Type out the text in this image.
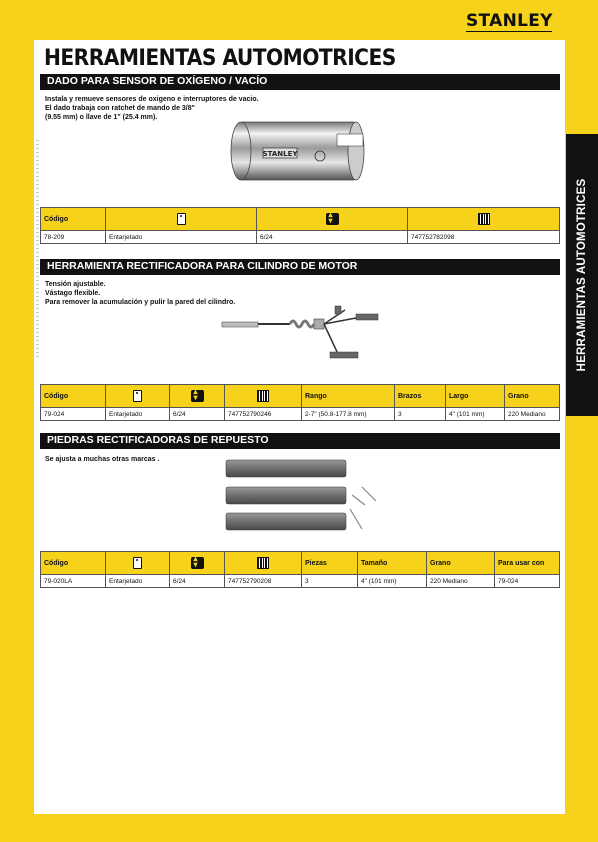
STANLEY
HERRAMIENTAS AUTOMOTRICES
HERRAMIENTAS AUTOMOTRICES
DADO PARA SENSOR DE OXÍGENO / VACÍO
Instala y remueve sensores de oxigeno e interruptores de vacio.
El dado trabaja con ratchet de mando de 3/8"
(9.55 mm) o llave de 1" (25.4 mm).
STANLEY
Código		▴ ▾	
78-209	Entarjetado	6/24	747752782098
HERRAMIENTA RECTIFICADORA PARA CILINDRO DE MOTOR
Tensión ajustable.
Vástago flexible.
Para remover la acumulación y pulir la pared del cilindro.
Código		▴ ▾		Rango	Brazos	Largo	Grano
79-024	Entarjetado	6/24	747752790246	2-7" (50.8-177.8 mm)	3	4" (101 mm)	220 Mediano
PIEDRAS RECTIFICADORAS DE REPUESTO
Se ajusta a muchas otras marcas .
Código		▴ ▾		Piezas	Tamaño	Grano	Para usar con
79-020LA	Entarjetado	6/24	747752790208	3	4" (101 mm)	220 Mediano	79-024
